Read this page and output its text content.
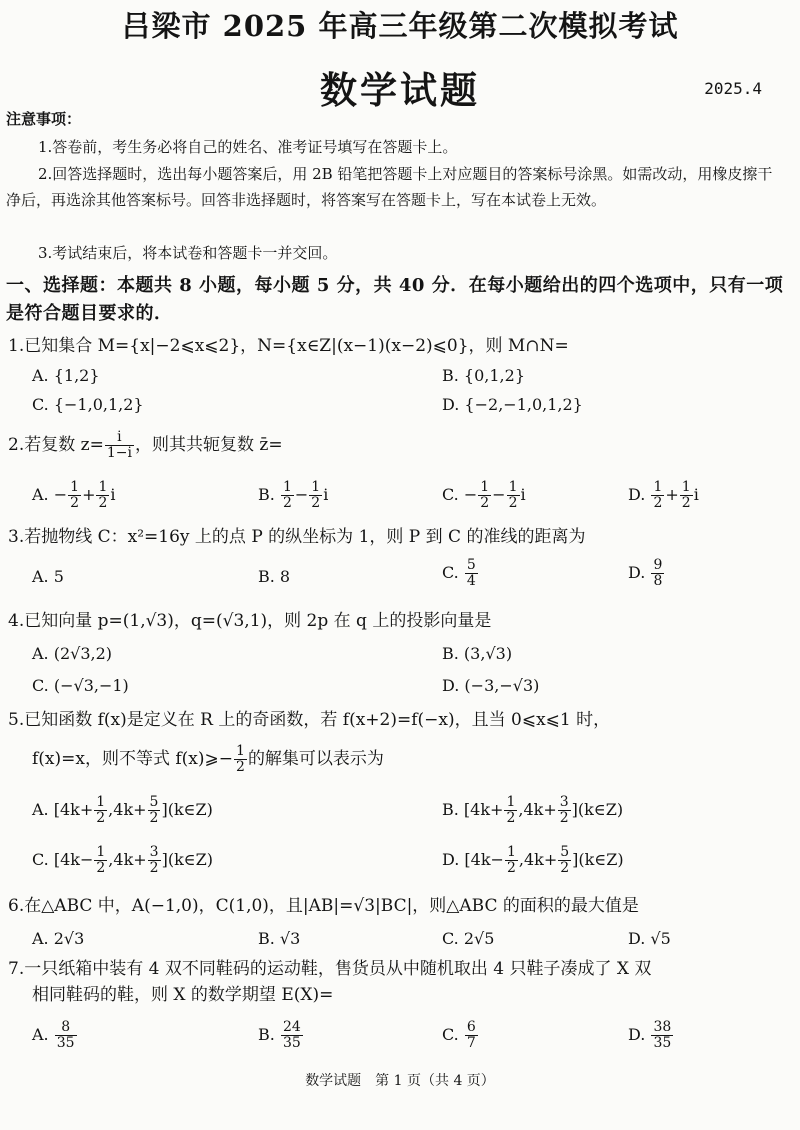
吕梁市 2025 年高三年级第二次模拟考试
数学试题	2025.4
注意事项：
1.答卷前，考生务必将自己的姓名、准考证号填写在答题卡上。
2.回答选择题时，选出每小题答案后，用 2B 铅笔把答题卡上对应题目的答案标号涂黑。如需改动，用橡皮擦干净后，再选涂其他答案标号。回答非选择题时，将答案写在答题卡上，写在本试卷上无效。
3.考试结束后，将本试卷和答题卡一并交回。
一、选择题：本题共 8 小题，每小题 5 分，共 40 分．在每小题给出的四个选项中，只有一项是符合题目要求的．
1.已知集合 M={x|−2⩽x⩽2}，N={x∈Z|(x−1)(x−2)⩽0}，则 M∩N=
A. {1,2}	B. {0,1,2}
C. {−1,0,1,2}	D. {−2,−1,0,1,2}
2.若复数 $z= \frac{i}{1-i}$ ，则其共轭复数 z̄=
A. − $\frac{1}{2} + \frac{1}{2}$ i	B. $\frac{1}{2} - \frac{1}{2}$ i	C. − $\frac{1}{2} - \frac{1}{2}$ i	D. $\frac{1}{2} + \frac{1}{2}$ i
3.若抛物线 C：x²=16y 上的点 P 的纵坐标为 1，则 P 到 C 的准线的距离为
A. 5	B. 8	C. $\frac{5}{4}$	D. $\frac{9}{8}$
4.已知向量 p=(1,√3)，q=(√3,1)，则 2p 在 q 上的投影向量是
A. (2√3,2)	B. (3,√3)
C. (−√3,−1)	D. (−3,−√3)
5.已知函数 f(x)是定义在 R 上的奇函数，若 f(x+2)=f(−x)，且当 0⩽x⩽1 时，
f(x)=x，则不等式 f(x)⩾− $\frac{1}{2}$ 的解集可以表示为
A. [$4k+ \frac{1}{2} ,4k+ \frac{5}{2}$ ](k∈Z)	B. [$4k+ \frac{1}{2} ,4k+ \frac{3}{2}$ ](k∈Z)
C. [$4k- \frac{1}{2} ,4k+ \frac{3}{2}$ ](k∈Z)	D. [$4k- \frac{1}{2} ,4k+ \frac{5}{2}$ ](k∈Z)
6.在△ABC 中，A(−1,0)，C(1,0)，且|AB|=√3|BC|，则△ABC 的面积的最大值是
A. 2√3	B. √3	C. 2√5	D. √5
7.一只纸箱中装有 4 双不同鞋码的运动鞋，售货员从中随机取出 4 只鞋子凑成了 X 双
相同鞋码的鞋，则 X 的数学期望 E(X)=
A. $\frac{8}{35}$	B. $\frac{24}{35}$	C. $\frac{6}{7}$	D. $\frac{38}{35}$
数学试题　第 1 页（共 4 页）
